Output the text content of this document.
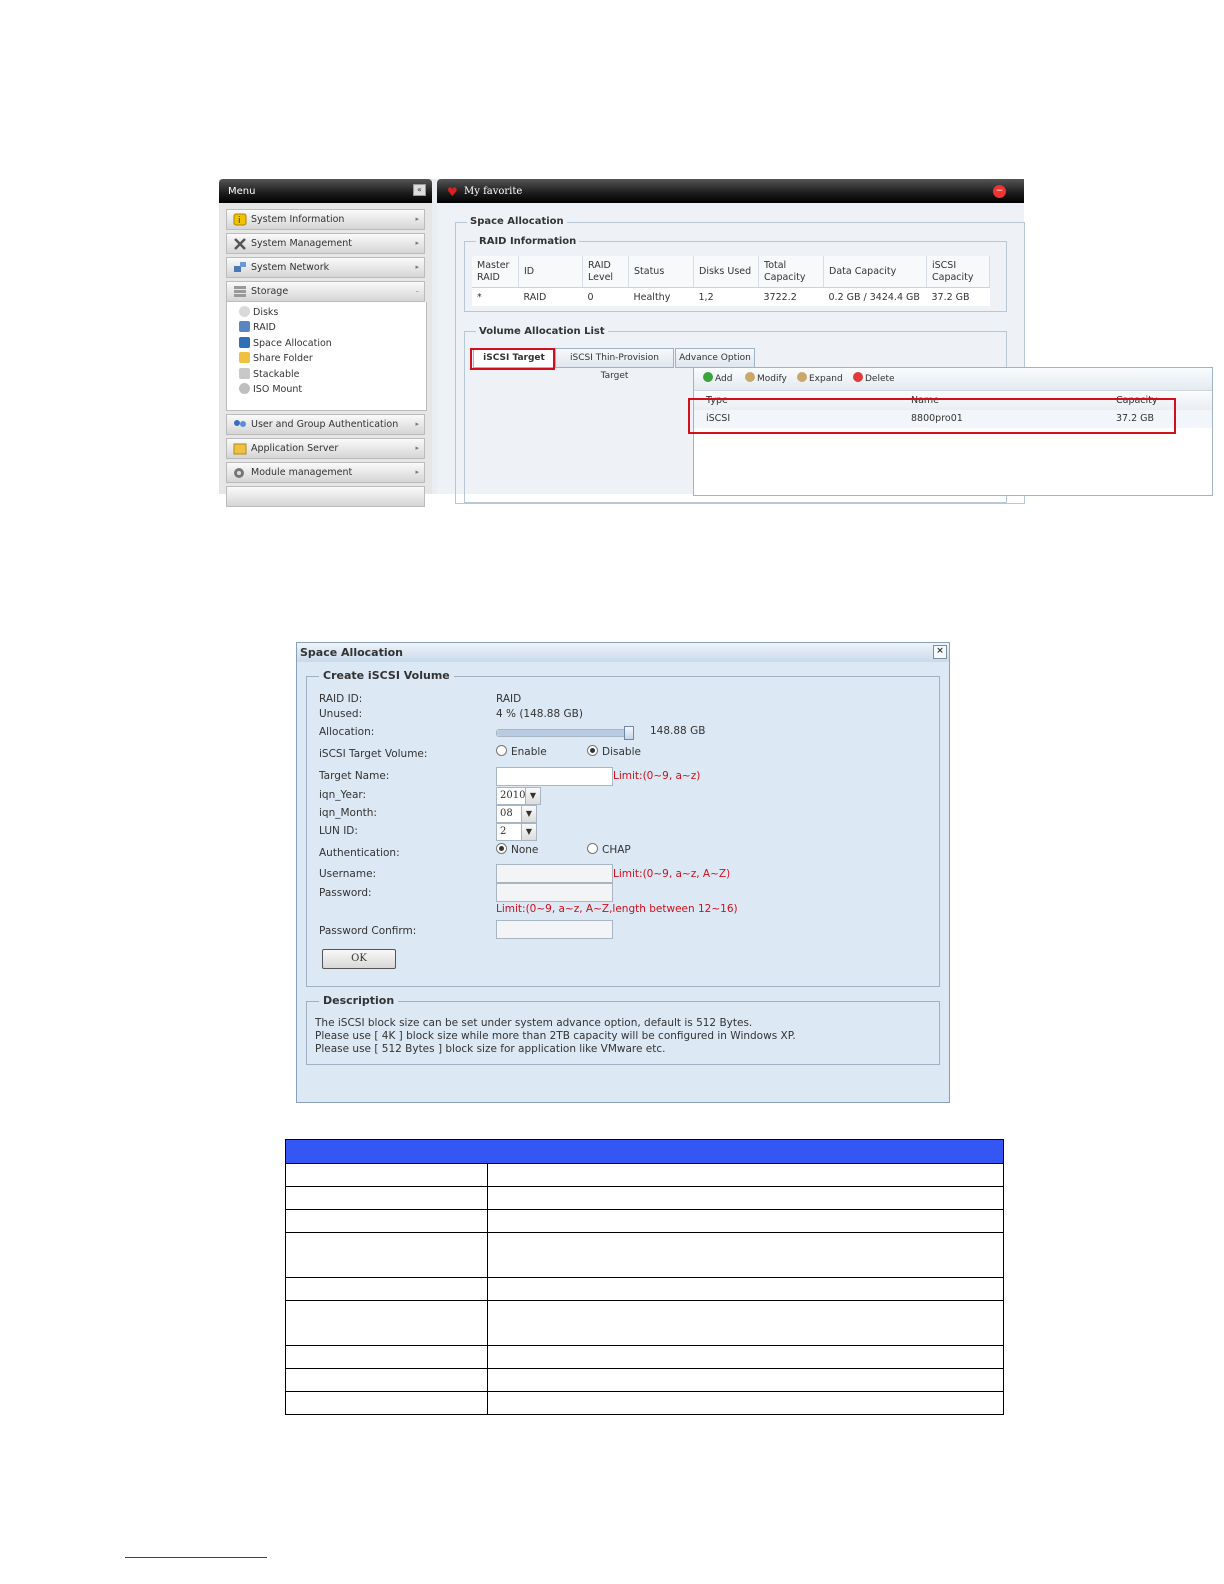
Menu	«
i System Information	▸
System Management	▸
System Network	▸
Storage	–
Disks
RAID
Space Allocation
Share Folder
Stackable
ISO Mount
User and Group Authentication ▸
Application Server	▸
Module management	▸
♥ My favorite	−
Space Allocation
RAID Information
Volume Allocation List
iSCSI Target	iSCSI Thin-Provision Target
Advance Option
Add	Modify	Expand	Delete
Type	Name	Capacity
iSCSI	8800pro01	37.2 GB
Master RAID	ID	RAID Level	Status	Disks Used	Total Capacity	Data Capacity	iSCSI Capacity
*	RAID	0	Healthy	1,2	3722.2	0.2 GB / 3424.4 GB	37.2 GB
Space Allocation	×
Create iSCSI Volume
RAID ID:	RAID
Unused:	4 % (148.88 GB)
Allocation:	148.88 GB
iSCSI Target Volume:	Enable	Disable
Target Name:	Limit:(0~9, a~z)
iqn_Year:	2010 ▼
iqn_Month:	08	▼
LUN ID:	2	▼
Authentication:	None	CHAP
Username:	Limit:(0~9, a~z, A~Z)
Password:
Limit:(0~9, a~z, A~Z,length between 12~16)
Password Confirm:
OK
Description
The iSCSI block size can be set under system advance option, default is 512 Bytes.
Please use [ 4K ] block size while more than 2TB capacity will be configured in Windows XP.
Please use [ 512 Bytes ] block size for application like VMware etc.
